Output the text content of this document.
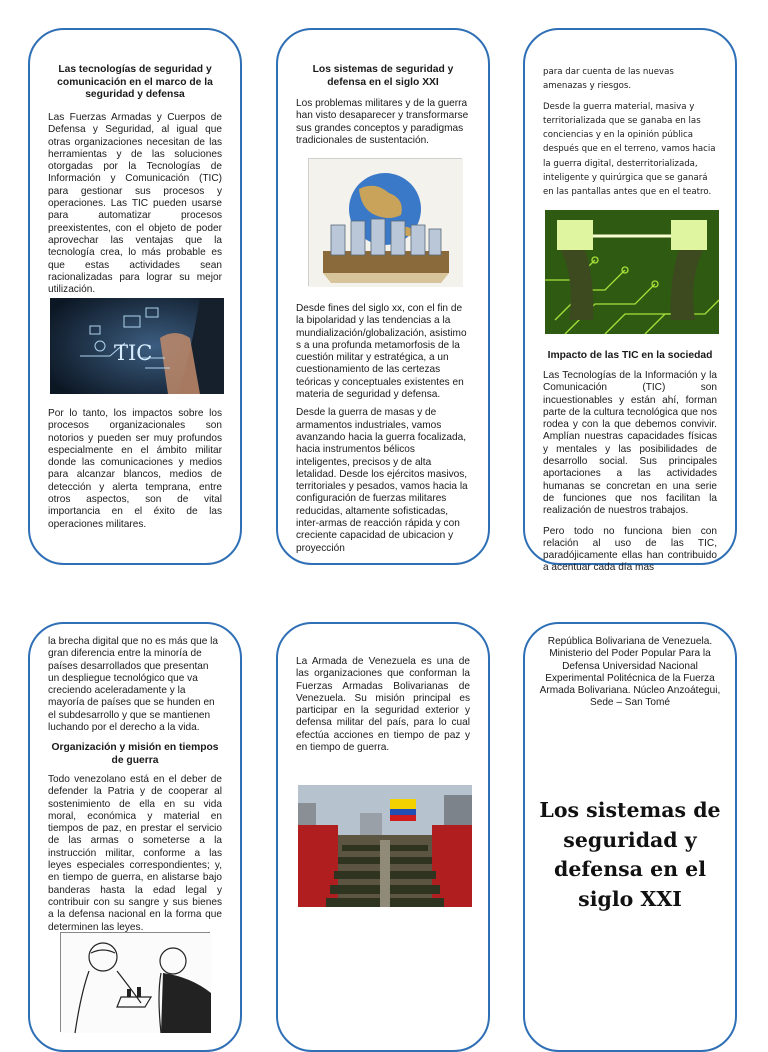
Las tecnologías de seguridad y comunicación en el marco de la seguridad y defensa
Las Fuerzas Armadas y Cuerpos de Defensa y Seguridad, al igual que otras organizaciones necesitan de las herramientas y de las soluciones otorgadas por la Tecnologías de Información y Comunicación (TIC) para gestionar sus procesos y operaciones. Las TIC pueden usarse para automatizar procesos preexistentes, con el objeto de poder aprovechar las ventajas que la tecnología crea, lo más probable es que estas actividades sean racionalizadas para lograr su mejor utilización.
TIC
Por lo tanto, los impactos sobre los procesos organizacionales son notorios y pueden ser muy profundos especialmente en el ámbito militar donde las comunicaciones y medios para alcanzar blancos, medios de detección y alerta temprana, entre otros aspectos, son de vital importancia en el éxito de las operaciones militares.
Los sistemas de seguridad y defensa en el siglo XXI
Los problemas militares y de la guerra han visto desaparecer y transformarse sus grandes conceptos y paradigmas tradicionales de sustentación.
Desde fines del siglo xx, con el fin de la bipolaridad y las tendencias a la mundialización/globalización, asistimo s a una profunda metamorfosis de la cuestión militar y estratégica, a un cuestionamiento de las certezas teóricas y conceptuales existentes en materia de seguridad y defensa.
Desde la guerra de masas y de armamentos industriales, vamos avanzando hacia la guerra focalizada, hacia instrumentos bélicos inteligentes, precisos y de alta letalidad. Desde los ejércitos masivos, territoriales y pesados, vamos hacia la configuración de fuerzas militares reducidas, altamente sofisticadas, inter-armas de reacción rápida y con creciente capacidad de ubicacion y proyección
para dar cuenta de las nuevas amenazas y riesgos.
Desde la guerra material, masiva y territorializada que se ganaba en las conciencias y en la opinión pública después que en el terreno, vamos hacia la guerra digital, desterritorializada, inteligente y quirúrgica que se ganará en las pantallas antes que en el teatro.
Impacto de las TIC en la sociedad
Las Tecnologías de la Información y la Comunicación (TIC) son incuestionables y están ahí, forman parte de la cultura tecnológica que nos rodea y con la que debemos convivir. Amplían nuestras capacidades físicas y mentales y las posibilidades de desarrollo social. Sus principales aportaciones a las actividades humanas se concretan en una serie de funciones que nos facilitan la realización de nuestros trabajos.
Pero todo no funciona bien con relación al uso de las TIC, paradójicamente ellas han contribuido a acentuar cada día mas
la brecha digital que no es más que la gran diferencia entre la minoría de países desarrollados que presentan un despliegue tecnológico que va creciendo aceleradamente y la mayoría de países que se hunden en el subdesarrollo y que se mantienen luchando por el derecho a la vida.
Organización y misión en tiempos de guerra
Todo venezolano está en el deber de defender la Patria y de cooperar al sostenimiento de ella en su vida moral, económica y material en tiempos de paz, en prestar el servicio de las armas o someterse a la instrucción militar, conforme a las leyes especiales correspondientes; y, en tiempo de guerra, en alistarse bajo banderas hasta la edad legal y contribuir con su sangre y sus bienes a la defensa nacional en la forma que determinen las leyes.
La Armada de Venezuela es una de las organizaciones que conforman la Fuerzas Armadas Bolivarianas de Venezuela. Su misión principal es participar en la seguridad exterior y defensa militar del país, para lo cual efectúa acciones en tiempo de paz y en tiempo de guerra.
República Bolivariana de Venezuela. Ministerio del Poder Popular Para la Defensa Universidad Nacional Experimental Politécnica de la Fuerza Armada Bolivariana. Núcleo Anzoátegui, Sede – San Tomé
Los sistemas de seguridad y defensa en el siglo XXI
